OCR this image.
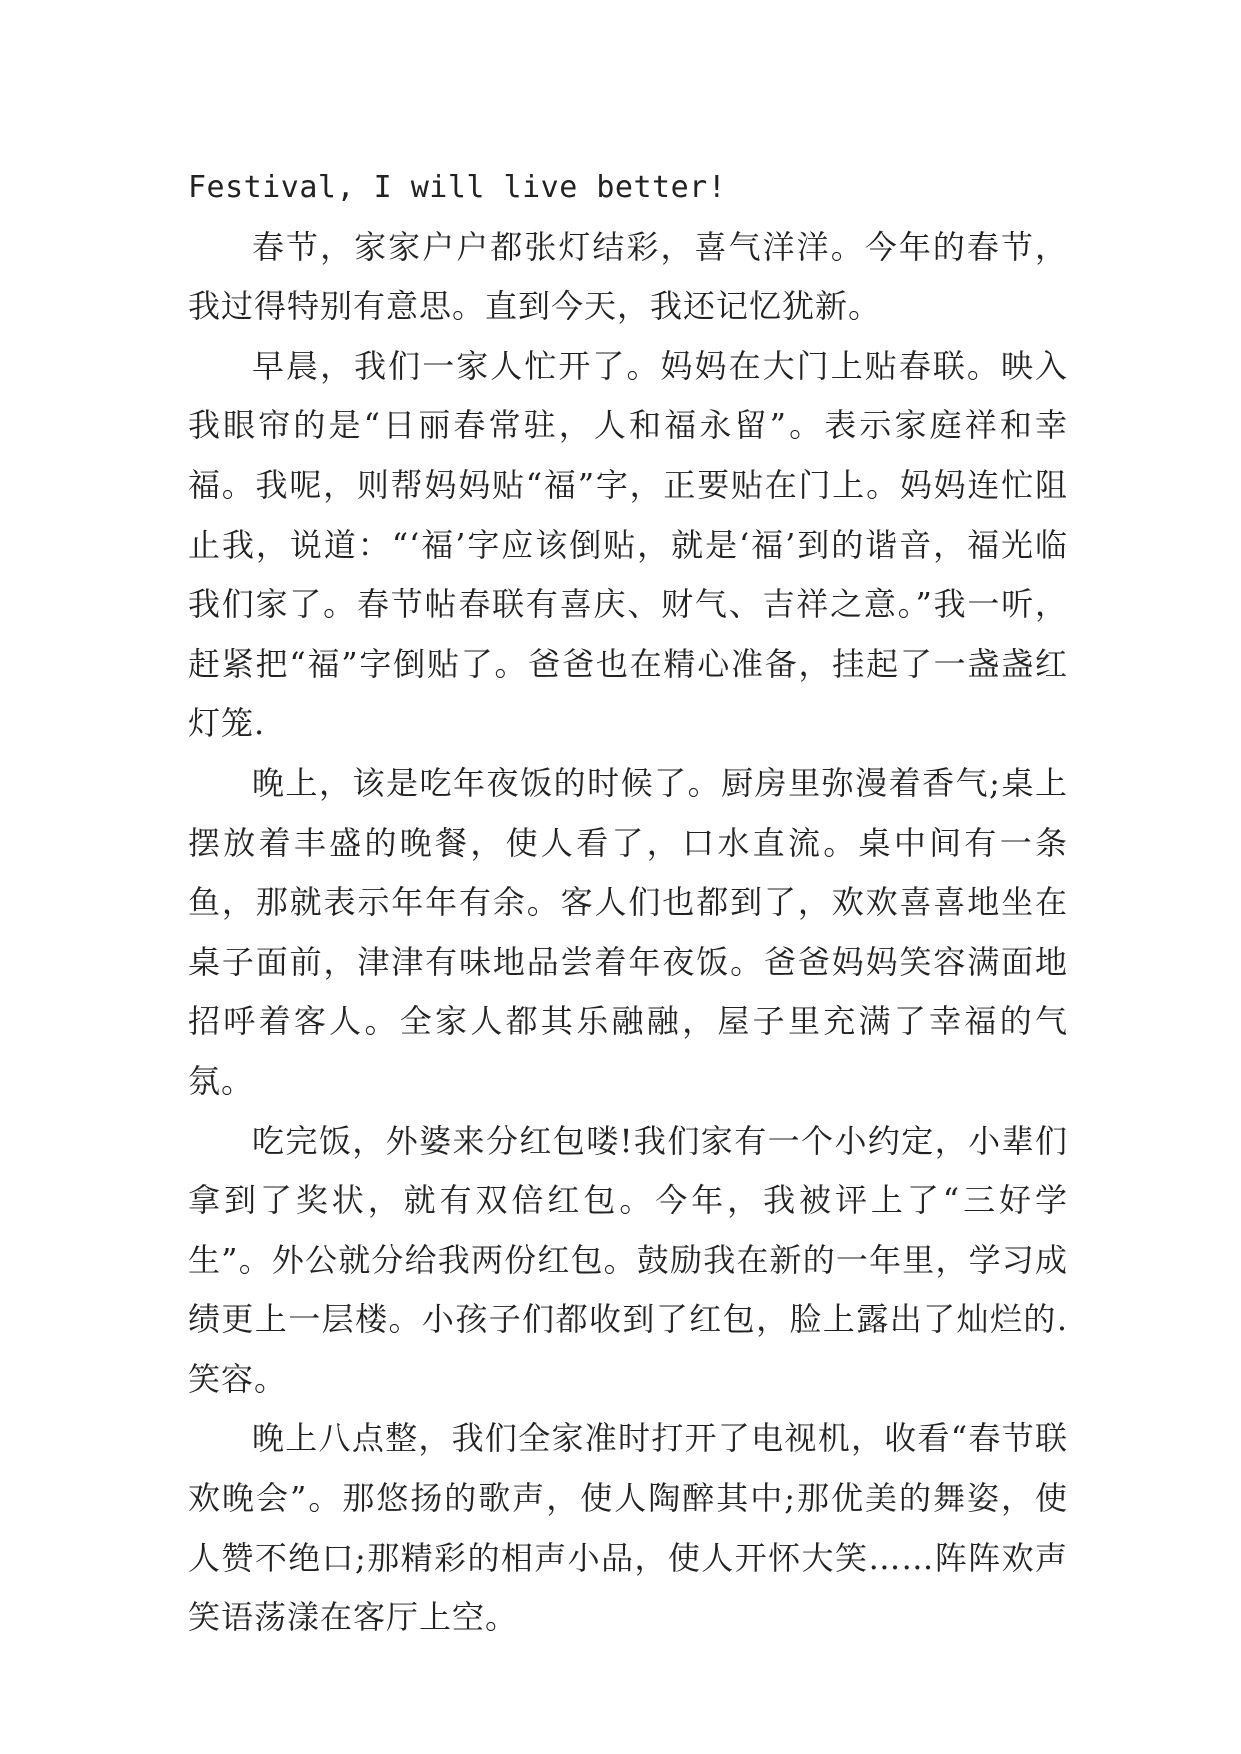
Festival, I will live better!

春节，家家户户都张灯结彩，喜气洋洋。今年的春节，我过得特别有意思。直到今天，我还记忆犹新。

早晨，我们一家人忙开了。妈妈在大门上贴春联。映入我眼帘的是“日丽春常驻，人和福永留”。表示家庭祥和幸福。我呢，则帮妈妈贴“福”字，正要贴在门上。妈妈连忙阻止我，说道：“‘福’字应该倒贴，就是‘福’到的谐音，福光临我们家了。春节帖春联有喜庆、财气、吉祥之意。”我一听，赶紧把“福”字倒贴了。爸爸也在精心准备，挂起了一盏盏红灯笼.

晚上，该是吃年夜饭的时候了。厨房里弥漫着香气;桌上摆放着丰盛的晚餐，使人看了，口水直流。桌中间有一条鱼，那就表示年年有余。客人们也都到了，欢欢喜喜地坐在桌子面前，津津有味地品尝着年夜饭。爸爸妈妈笑容满面地招呼着客人。全家人都其乐融融，屋子里充满了幸福的气氛。

吃完饭，外婆来分红包喽!我们家有一个小约定，小辈们拿到了奖状，就有双倍红包。今年，我被评上了“三好学生”。外公就分给我两份红包。鼓励我在新的一年里，学习成绩更上一层楼。小孩子们都收到了红包，脸上露出了灿烂的.笑容。

晚上八点整，我们全家准时打开了电视机，收看“春节联欢晚会”。那悠扬的歌声，使人陶醉其中;那优美的舞姿，使人赞不绝口;那精彩的相声小品，使人开怀大笑……阵阵欢声笑语荡漾在客厅上空。
